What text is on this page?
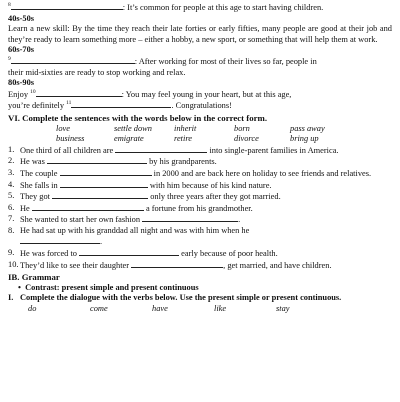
$^8$	: It’s common for people at this age to start having children.
40s-50s
Learn a new skill: By the time they reach their late forties or early fifties, many people are good at their job and they’re ready to learn something more – either a hobby, a new sport, or something that will help them at work.
60s-70s
$^9$	: After working for most of their lives so far, people in
their mid-sixties are ready to stop working and relax.
80s-90s
Enjoy $^{10}$	: You may feel young in your heart, but at this age,
you’re definitely $^{11}$	. Congratulations!
VI. Complete the sentences with the words below in the correct form.
love	settle down	inherit	born	pass away
business	emigrate	retire	divorce	bring up
1. One third of all children are	into single-parent families in America.
2. He was	by his grandparents.
3. The couple	in 2000 and are back here on holiday to see friends and relatives.
4. She falls in	with him because of his kind nature.
5. They got	only three years after they got married.
6. He	a fortune from his grandmother.
7. She wanted to start her own fashion	.
8. He had sat up with his granddad all night and was with him when he
.
9. He was forced to	early because of poor health.
10. They’d like to see their daughter	, get married, and have children.
IB. Grammar
• Contrast: present simple and present continuous
I. Complete the dialogue with the verbs below. Use the present simple or present continuous.
do	come	have	like	stay
